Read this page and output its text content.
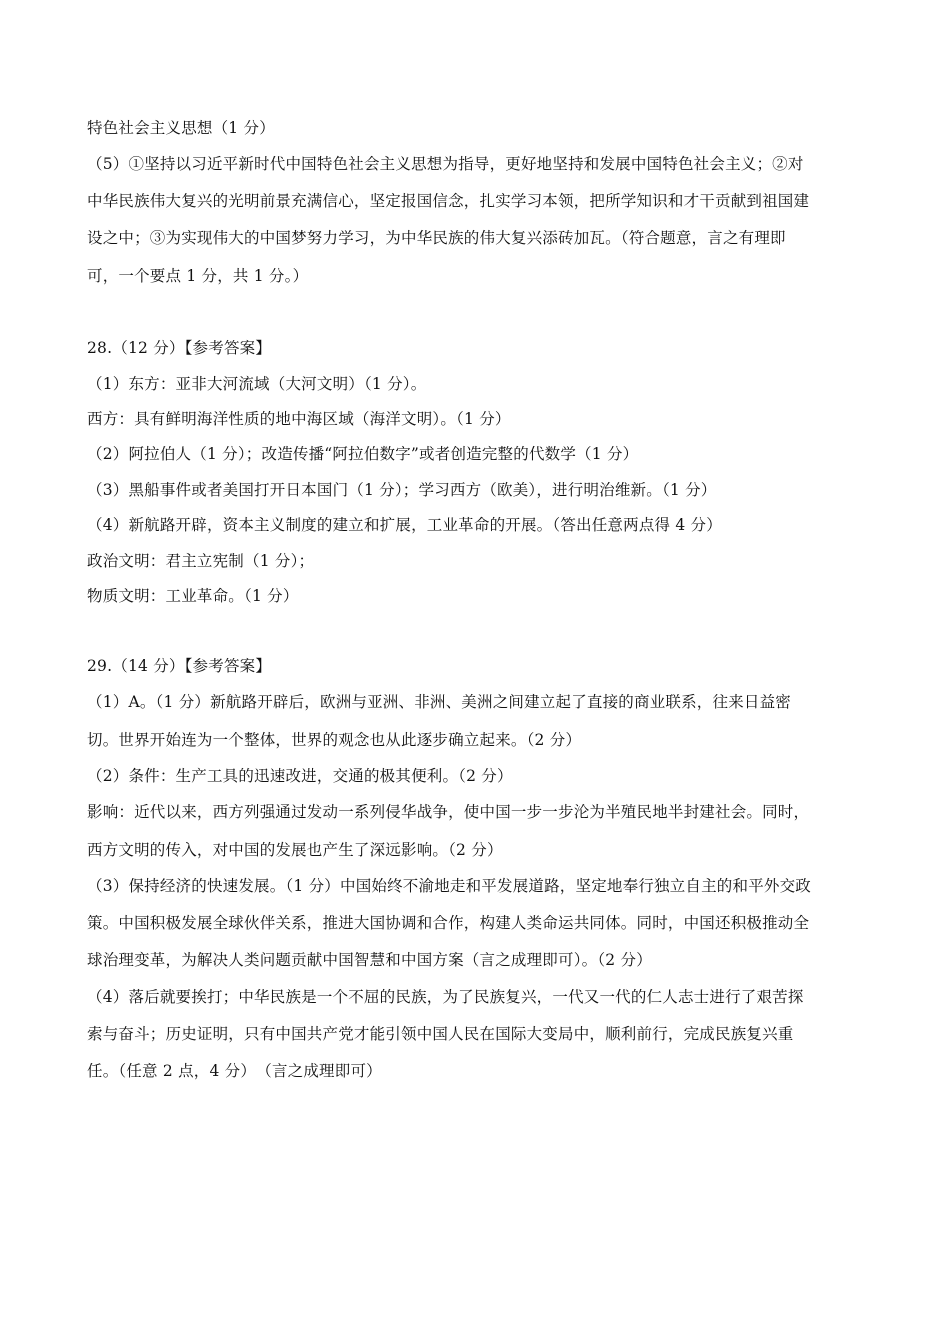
特色社会主义思想（1 分）
（5）①坚持以习近平新时代中国特色社会主义思想为指导，更好地坚持和发展中国特色社会主义；②对
中华民族伟大复兴的光明前景充满信心，坚定报国信念，扎实学习本领，把所学知识和才干贡献到祖国建
设之中；③为实现伟大的中国梦努力学习，为中华民族的伟大复兴添砖加瓦。（符合题意，言之有理即
可，一个要点 1 分，共 1 分。）
28.（12 分）【参考答案】
（1）东方：亚非大河流域（大河文明）（1 分）。
西方：具有鲜明海洋性质的地中海区域（海洋文明）。（1 分）
（2）阿拉伯人（1 分）；改造传播“阿拉伯数字”或者创造完整的代数学（1 分）
（3）黑船事件或者美国打开日本国门（1 分）；学习西方（欧美），进行明治维新。（1 分）
（4）新航路开辟，资本主义制度的建立和扩展，工业革命的开展。（答出任意两点得 4 分）
政治文明：君主立宪制（1 分）；
物质文明：工业革命。（1 分）
29.（14 分）【参考答案】
（1）A。（1 分）新航路开辟后，欧洲与亚洲、非洲、美洲之间建立起了直接的商业联系，往来日益密
切。世界开始连为一个整体，世界的观念也从此逐步确立起来。（2 分）
（2）条件：生产工具的迅速改进，交通的极其便利。（2 分）
影响：近代以来，西方列强通过发动一系列侵华战争，使中国一步一步沦为半殖民地半封建社会。同时，
西方文明的传入，对中国的发展也产生了深远影响。（2 分）
（3）保持经济的快速发展。（1 分）中国始终不渝地走和平发展道路，坚定地奉行独立自主的和平外交政
策。中国积极发展全球伙伴关系，推进大国协调和合作，构建人类命运共同体。同时，中国还积极推动全
球治理变革，为解决人类问题贡献中国智慧和中国方案（言之成理即可）。（2 分）
（4）落后就要挨打；中华民族是一个不屈的民族，为了民族复兴，一代又一代的仁人志士进行了艰苦探
索与奋斗；历史证明，只有中国共产党才能引领中国人民在国际大变局中，顺利前行，完成民族复兴重
任。（任意 2 点，4 分）　（言之成理即可）
